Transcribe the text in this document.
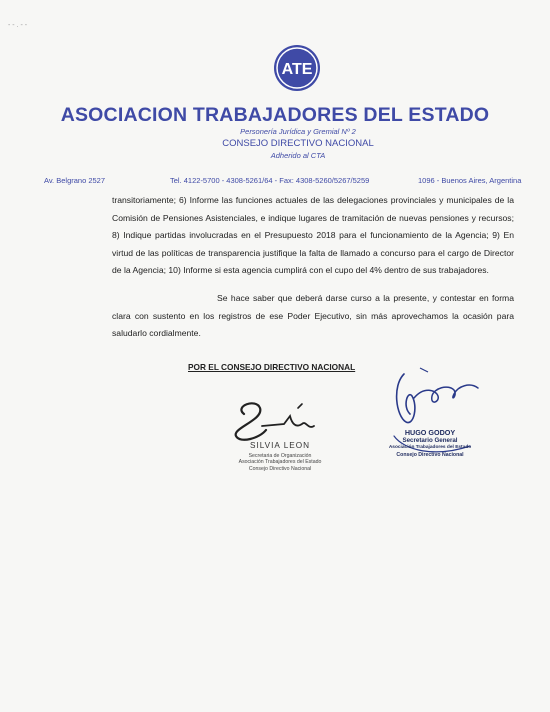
- - . - -
ATE
ASOCIACION TRABAJADORES DEL ESTADO
Personería Jurídica y Gremial Nº 2
CONSEJO DIRECTIVO NACIONAL
Adherido al CTA
Av. Belgrano 2527	Tel. 4122-5700 - 4308-5261/64 - Fax: 4308-5260/5267/5259	1096 - Buenos Aires, Argentina

transitoriamente; 6) Informe las funciones actuales de las delegaciones provinciales y municipales de la Comisión de Pensiones Asistenciales, e indique lugares de tramitación de nuevas pensiones y recursos; 8) Indique partidas involucradas en el Presupuesto 2018 para el funcionamiento de la Agencia; 9) En virtud de las políticas de transparencia justifique la falta de llamado a concurso para el cargo de Director de la Agencia; 10) Informe si esta agencia cumplirá con el cupo del 4% dentro de sus trabajadores.

Se hace saber que deberá darse curso a la presente, y contestar en forma clara con sustento en los registros de ese Poder Ejecutivo, sin más aprovechamos la ocasión para saludarlo cordialmente.

POR EL CONSEJO DIRECTIVO NACIONAL
SILVIA LEON
Secretaria de Organización
Asociación Trabajadores del Estado
Consejo Directivo Nacional
HUGO GODOY
Secretario General
Asociación Trabajadores del Estado
Consejo Directivo Nacional
